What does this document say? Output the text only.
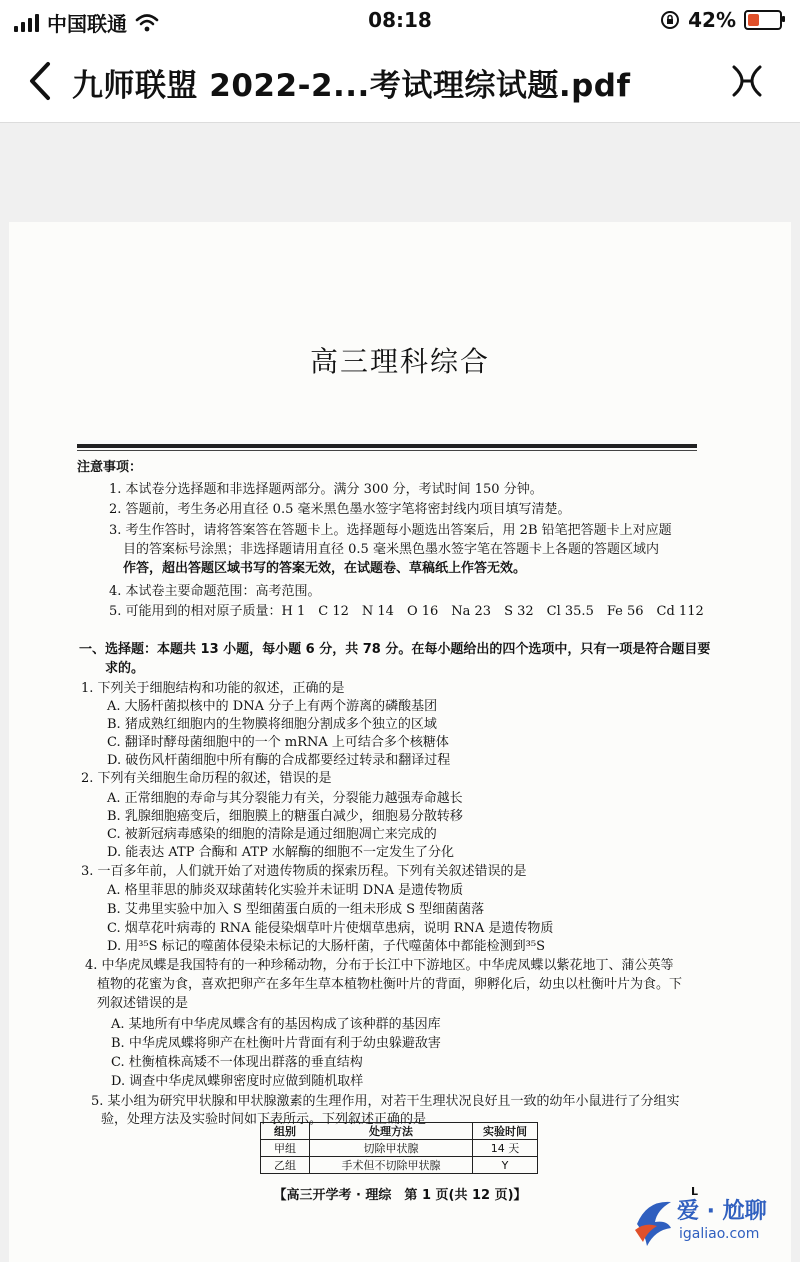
中国联通	08:18	42%
九师联盟 2022-2...考试理综试题.pdf
高三理科综合
注意事项：
1. 本试卷分选择题和非选择题两部分。满分 300 分，考试时间 150 分钟。
2. 答题前，考生务必用直径 0.5 毫米黑色墨水签字笔将密封线内项目填写清楚。
3. 考生作答时，请将答案答在答题卡上。选择题每小题选出答案后，用 2B 铅笔把答题卡上对应题
目的答案标号涂黑；非选择题请用直径 0.5 毫米黑色墨水签字笔在答题卡上各题的答题区域内
作答，超出答题区域书写的答案无效，在试题卷、草稿纸上作答无效。
4. 本试卷主要命题范围：高考范围。
5. 可能用到的相对原子质量：H 1　C 12　N 14　O 16　Na 23　S 32　Cl 35.5　Fe 56　Cd 112
一、选择题：本题共 13 小题，每小题 6 分，共 78 分。在每小题给出的四个选项中，只有一项是符合题目要
求的。
1. 下列关于细胞结构和功能的叙述，正确的是
A. 大肠杆菌拟核中的 DNA 分子上有两个游离的磷酸基团
B. 猪成熟红细胞内的生物膜将细胞分割成多个独立的区域
C. 翻译时酵母菌细胞中的一个 mRNA 上可结合多个核糖体
D. 破伤风杆菌细胞中所有酶的合成都要经过转录和翻译过程
2. 下列有关细胞生命历程的叙述，错误的是
A. 正常细胞的寿命与其分裂能力有关，分裂能力越强寿命越长
B. 乳腺细胞癌变后，细胞膜上的糖蛋白减少，细胞易分散转移
C. 被新冠病毒感染的细胞的清除是通过细胞凋亡来完成的
D. 能表达 ATP 合酶和 ATP 水解酶的细胞不一定发生了分化
3. 一百多年前，人们就开始了对遗传物质的探索历程。下列有关叙述错误的是
A. 格里菲思的肺炎双球菌转化实验并未证明 DNA 是遗传物质
B. 艾弗里实验中加入 S 型细菌蛋白质的一组未形成 S 型细菌菌落
C. 烟草花叶病毒的 RNA 能侵染烟草叶片使烟草患病，说明 RNA 是遗传物质
D. 用³⁵S 标记的噬菌体侵染未标记的大肠杆菌，子代噬菌体中都能检测到³⁵S
4. 中华虎凤蝶是我国特有的一种珍稀动物，分布于长江中下游地区。中华虎凤蝶以紫花地丁、蒲公英等
植物的花蜜为食，喜欢把卵产在多年生草本植物杜衡叶片的背面，卵孵化后，幼虫以杜衡叶片为食。下
列叙述错误的是
A. 某地所有中华虎凤蝶含有的基因构成了该种群的基因库
B. 中华虎凤蝶将卵产在杜衡叶片背面有利于幼虫躲避敌害
C. 杜衡植株高矮不一体现出群落的垂直结构
D. 调查中华虎凤蝶卵密度时应做到随机取样
5. 某小组为研究甲状腺和甲状腺激素的生理作用，对若干生理状况良好且一致的幼年小鼠进行了分组实
验，处理方法及实验时间如下表所示。下列叙述正确的是
组别	处理方法	实验时间
甲组	切除甲状腺	14 天
乙组	手术但不切除甲状腺	Y
【高三开学考 · 理综　第 1 页(共 12 页)】	L
爱 · 尬聊
igaliao.com
